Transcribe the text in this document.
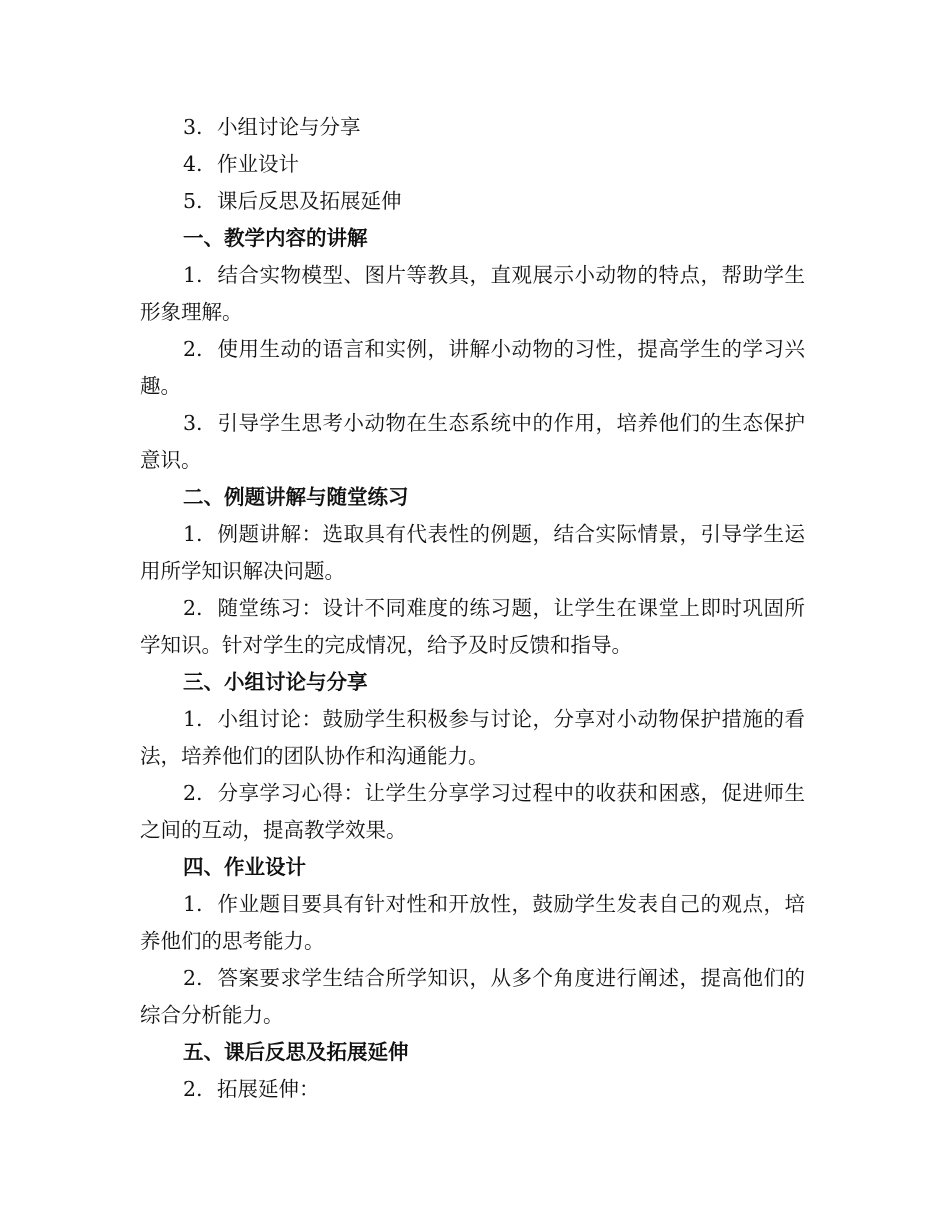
3. 小组讨论与分享

4. 作业设计

5. 课后反思及拓展延伸

一、教学内容的讲解

1. 结合实物模型、图片等教具，直观展示小动物的特点，帮助学生形象理解。

2. 使用生动的语言和实例，讲解小动物的习性，提高学生的学习兴趣。

3. 引导学生思考小动物在生态系统中的作用，培养他们的生态保护意识。

二、例题讲解与随堂练习

1. 例题讲解：选取具有代表性的例题，结合实际情景，引导学生运用所学知识解决问题。

2. 随堂练习：设计不同难度的练习题，让学生在课堂上即时巩固所学知识。针对学生的完成情况，给予及时反馈和指导。

三、小组讨论与分享

1. 小组讨论：鼓励学生积极参与讨论，分享对小动物保护措施的看法，培养他们的团队协作和沟通能力。

2. 分享学习心得：让学生分享学习过程中的收获和困惑，促进师生之间的互动，提高教学效果。

四、作业设计

1. 作业题目要具有针对性和开放性，鼓励学生发表自己的观点，培养他们的思考能力。

2. 答案要求学生结合所学知识，从多个角度进行阐述，提高他们的综合分析能力。

五、课后反思及拓展延伸

2. 拓展延伸：
